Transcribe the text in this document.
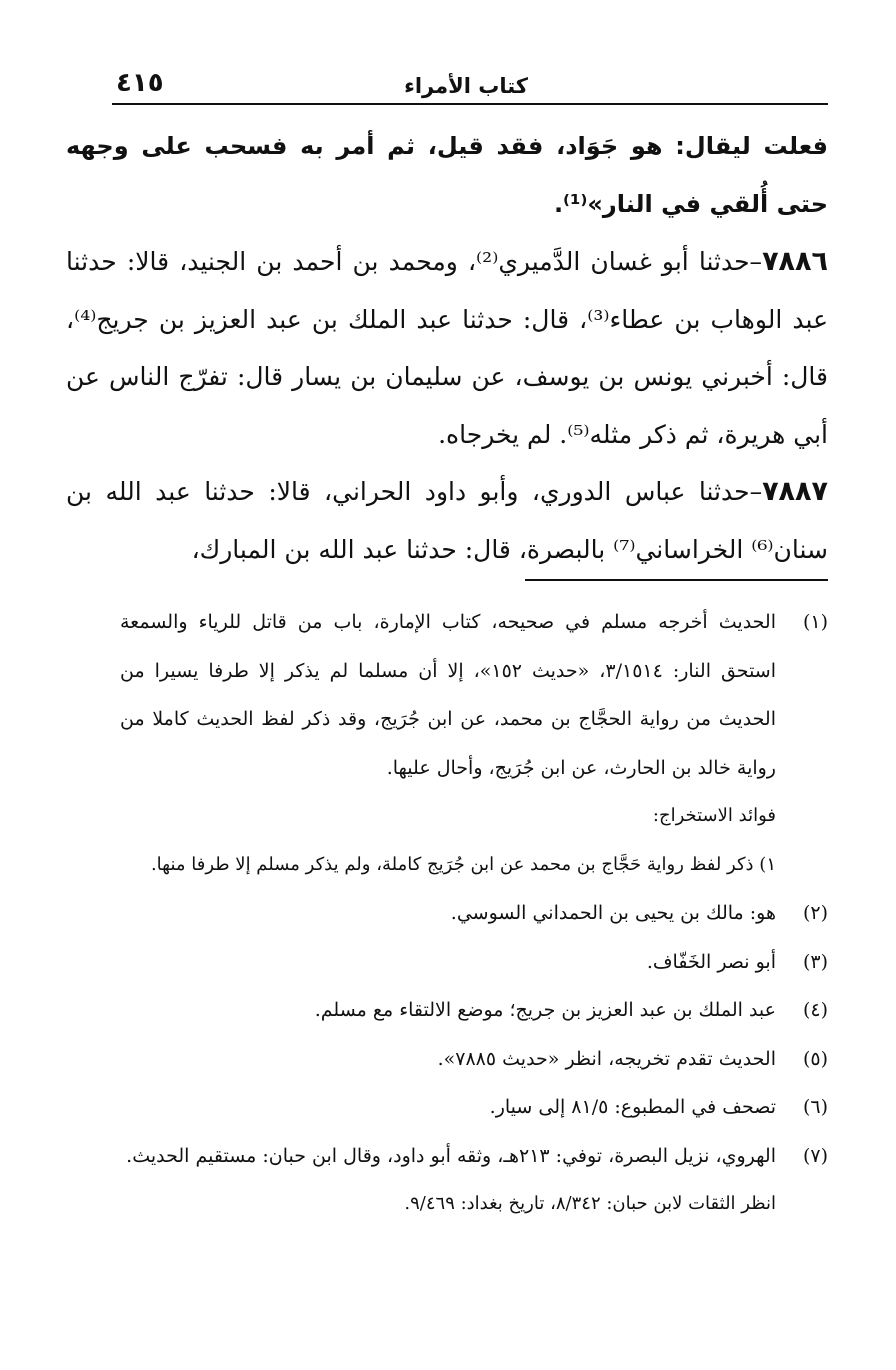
كتاب الأمراء
٤١٥

فعلت ليقال: هو جَوَاد، فقد قيل، ثم أمر به فسحب على وجهه حتى أُلقي في النار»⁽¹⁾.

٧٨٨٦–حدثنا أبو غسان الدَّميري⁽²⁾، ومحمد بن أحمد بن الجنيد، قالا: حدثنا عبد الوهاب بن عطاء⁽³⁾، قال: حدثنا عبد الملك بن عبد العزيز بن جريج⁽⁴⁾، قال: أخبرني يونس بن يوسف، عن سليمان بن يسار قال: تفرّج الناس عن أبي هريرة، ثم ذكر مثله⁽⁵⁾. لم يخرجاه.

٧٨٨٧–حدثنا عباس الدوري، وأبو داود الحراني، قالا: حدثنا عبد الله بن سنان⁽⁶⁾ الخراساني⁽⁷⁾ بالبصرة، قال: حدثنا عبد الله بن المبارك،

(١)
الحديث أخرجه مسلم في صحيحه، كتاب الإمارة، باب من قاتل للرياء والسمعة استحق النار: ٣/١٥١٤، «حديث ١٥٢»، إلا أن مسلما لم يذكر إلا طرفا يسيرا من الحديث من رواية الحجَّاج بن محمد، عن ابن جُرَيج، وقد ذكر لفظ الحديث كاملا من رواية خالد بن الحارث، عن ابن جُرَيج، وأحال عليها.

فوائد الاستخراج:

١) ذكر لفظ رواية حَجَّاج بن محمد عن ابن جُرَيج كاملة، ولم يذكر مسلم إلا طرفا منها.

(٢)
هو: مالك بن يحيى بن الحمداني السوسي.

(٣)
أبو نصر الخَفّاف.

(٤)
عبد الملك بن عبد العزيز بن جريج؛ موضع الالتقاء مع مسلم.

(٥)
الحديث تقدم تخريجه، انظر «حديث ٧٨٨٥».

(٦)
تصحف في المطبوع: ٨١/٥ إلى سيار.

(٧)
الهروي، نزيل البصرة، توفي: ٢١٣هـ، وثقه أبو داود، وقال ابن حبان: مستقيم الحديث.

انظر الثقات لابن حبان: ٨/٣٤٢، تاريخ بغداد: ٩/٤٦٩.
